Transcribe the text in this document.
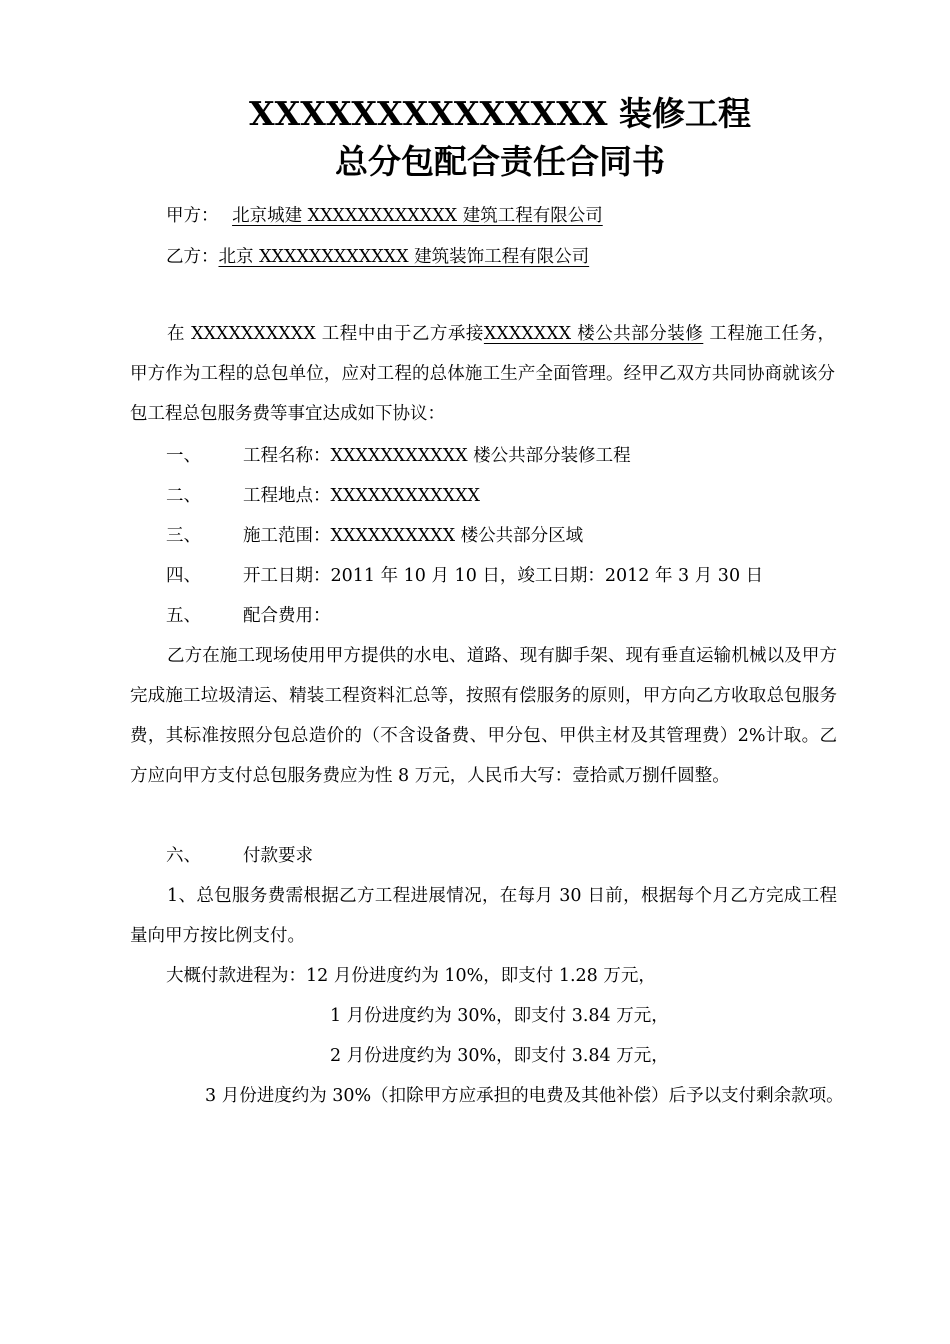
XXXXXXXXXXXXXX 装修工程
总分包配合责任合同书
甲方： 北京城建 XXXXXXXXXXXX 建筑工程有限公司
乙方：北京 XXXXXXXXXXXX 建筑装饰工程有限公司
在 XXXXXXXXXX 工程中由于乙方承接XXXXXXX 楼公共部分装修 工程施工任务，甲方作为工程的总包单位，应对工程的总体施工生产全面管理。经甲乙双方共同协商就该分包工程总包服务费等事宜达成如下协议：
一、 工程名称：XXXXXXXXXXX 楼公共部分装修工程
二、 工程地点：XXXXXXXXXXXX
三、 施工范围：XXXXXXXXXX 楼公共部分区域
四、 开工日期：2011 年 10 月 10 日，竣工日期：2012 年 3 月 30 日
五、 配合费用：
乙方在施工现场使用甲方提供的水电、道路、现有脚手架、现有垂直运输机械以及甲方完成施工垃圾清运、精装工程资料汇总等，按照有偿服务的原则，甲方向乙方收取总包服务费，其标准按照分包总造价的（不含设备费、甲分包、甲供主材及其管理费）2%计取。乙方应向甲方支付总包服务费应为性 8 万元，人民币大写：壹拾贰万捌仟圆整。
六、 付款要求
1、总包服务费需根据乙方工程进展情况，在每月 30 日前，根据每个月乙方完成工程量向甲方按比例支付。
大概付款进程为：12 月份进度约为 10%，即支付 1.28 万元，
1 月份进度约为 30%，即支付 3.84 万元，
2 月份进度约为 30%，即支付 3.84 万元，
3 月份进度约为 30%（扣除甲方应承担的电费及其他补偿）后予以支付剩余款项。
